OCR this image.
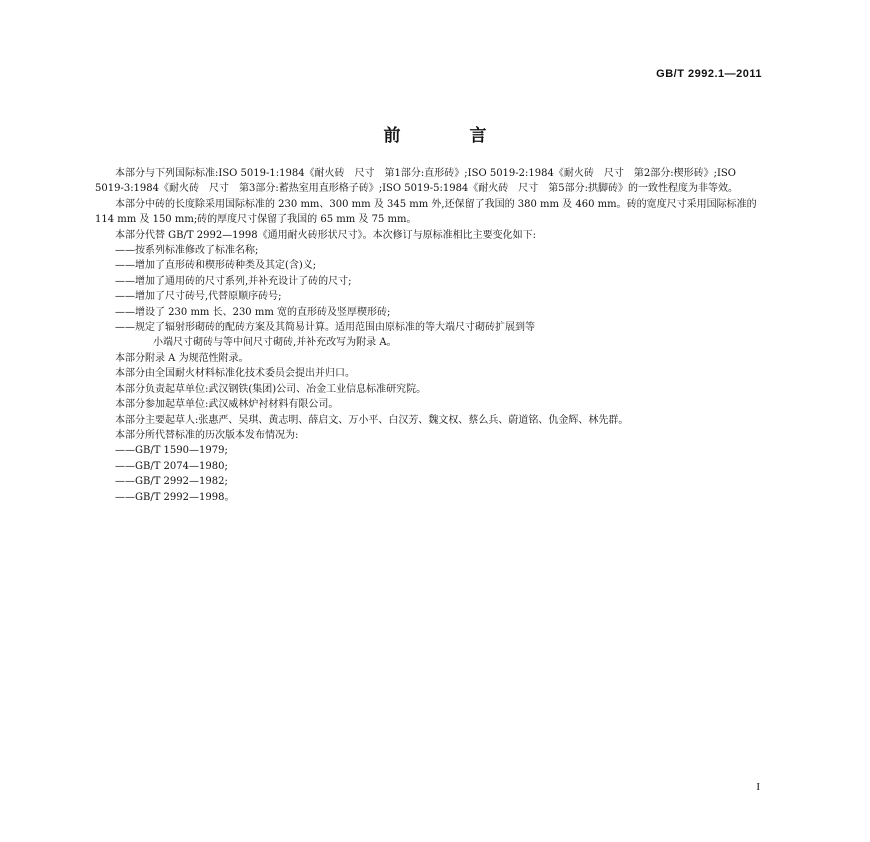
GB/T 2992.1—2011
前　言

本部分与下列国际标准:ISO 5019-1:1984《耐火砖　尺寸　第1部分:直形砖》;ISO 5019-2:1984《耐火砖　尺寸　第2部分:楔形砖》;ISO 5019-3:1984《耐火砖　尺寸　第3部分:蓄热室用直形格子砖》;ISO 5019-5:1984《耐火砖　尺寸　第5部分:拱脚砖》的一致性程度为非等效。

本部分中砖的长度除采用国际标准的 230 mm、300 mm 及 345 mm 外,还保留了我国的 380 mm 及 460 mm。砖的宽度尺寸采用国际标准的 114 mm 及 150 mm;砖的厚度尺寸保留了我国的 65 mm 及 75 mm。

本部分代替 GB/T 2992—1998《通用耐火砖形状尺寸》。本次修订与原标准相比主要变化如下:

——按系列标准修改了标准名称;

——增加了直形砖和楔形砖种类及其定(含)义;

——增加了通用砖的尺寸系列,并补充设计了砖的尺寸;

——增加了尺寸砖号,代替原顺序砖号;

——增设了 230 mm 长、230 mm 宽的直形砖及竖厚楔形砖;

——规定了辐射形砌砖的配砖方案及其简易计算。适用范围由原标准的等大端尺寸砌砖扩展到等
小端尺寸砌砖与等中间尺寸砌砖,并补充改写为附录 A。

本部分附录 A 为规范性附录。

本部分由全国耐火材料标准化技术委员会提出并归口。

本部分负责起草单位:武汉钢铁(集团)公司、冶金工业信息标准研究院。

本部分参加起草单位:武汉威林炉衬材料有限公司。

本部分主要起草人:张惠严、吴琪、黄志明、薛启文、万小平、白汉芳、魏文权、蔡么兵、蔚道铭、仇金辉、林先群。

本部分所代替标准的历次版本发布情况为:

——GB/T 1590—1979;

——GB/T 2074—1980;

——GB/T 2992—1982;

——GB/T 2992—1998。

I
